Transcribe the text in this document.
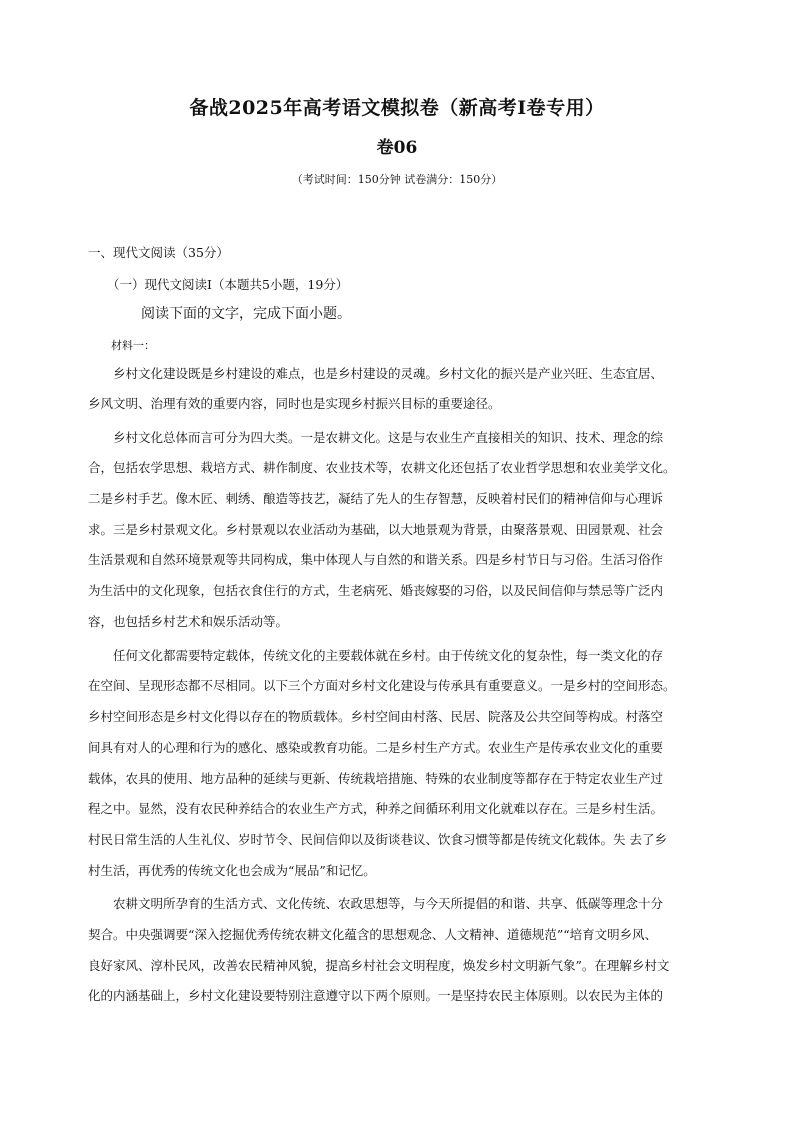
备战2025年高考语文模拟卷（新高考Ⅰ卷专用）
卷06
（考试时间：150分钟 试卷满分：150分）
一、现代文阅读（35分）
（一）现代文阅读Ⅰ（本题共5小题，19分）
阅读下面的文字，完成下面小题。
材料一：
乡村文化建设既是乡村建设的难点，也是乡村建设的灵魂。乡村文化的振兴是产业兴旺、生态宜居、
乡风文明、治理有效的重要内容，同时也是实现乡村振兴目标的重要途径。
乡村文化总体而言可分为四大类。一是农耕文化。这是与农业生产直接相关的知识、技术、理念的综
合，包括农学思想、栽培方式、耕作制度、农业技术等，农耕文化还包括了农业哲学思想和农业美学文化。
二是乡村手艺。像木匠、刺绣、酿造等技艺，凝结了先人的生存智慧，反映着村民们的精神信仰与心理诉
求。三是乡村景观文化。乡村景观以农业活动为基础，以大地景观为背景，由聚落景观、田园景观、社会
生活景观和自然环境景观等共同构成，集中体现人与自然的和谐关系。四是乡村节日与习俗。生活习俗作
为生活中的文化现象，包括衣食住行的方式，生老病死、婚丧嫁娶的习俗，以及民间信仰与禁忌等广泛内
容，也包括乡村艺术和娱乐活动等。
任何文化都需要特定载体，传统文化的主要载体就在乡村。由于传统文化的复杂性，每一类文化的存
在空间、呈现形态都不尽相同。以下三个方面对乡村文化建设与传承具有重要意义。一是乡村的空间形态。
乡村空间形态是乡村文化得以存在的物质载体。乡村空间由村落、民居、院落及公共空间等构成。村落空
间具有对人的心理和行为的感化、感染或教育功能。二是乡村生产方式。农业生产是传承农业文化的重要
载体，农具的使用、地方品种的延续与更新、传统栽培措施、特殊的农业制度等都存在于特定农业生产过
程之中。显然，没有农民种养结合的农业生产方式，种养之间循环利用文化就难以存在。三是乡村生活。
村民日常生活的人生礼仪、岁时节令、民间信仰以及街谈巷议、饮食习惯等都是传统文化载体。失 去了乡
村生活，再优秀的传统文化也会成为“展品”和记忆。
农耕文明所孕育的生活方式、文化传统、农政思想等，与今天所提倡的和谐、共享、低碳等理念十分
契合。中央强调要“深入挖掘优秀传统农耕文化蕴含的思想观念、人文精神、道德规范”“培育文明乡风、
良好家风、淳朴民风，改善农民精神风貌，提高乡村社会文明程度，焕发乡村文明新气象”。在理解乡村文
化的内涵基础上，乡村文化建设要特别注意遵守以下两个原则。一是坚持农民主体原则。以农民为主体的
